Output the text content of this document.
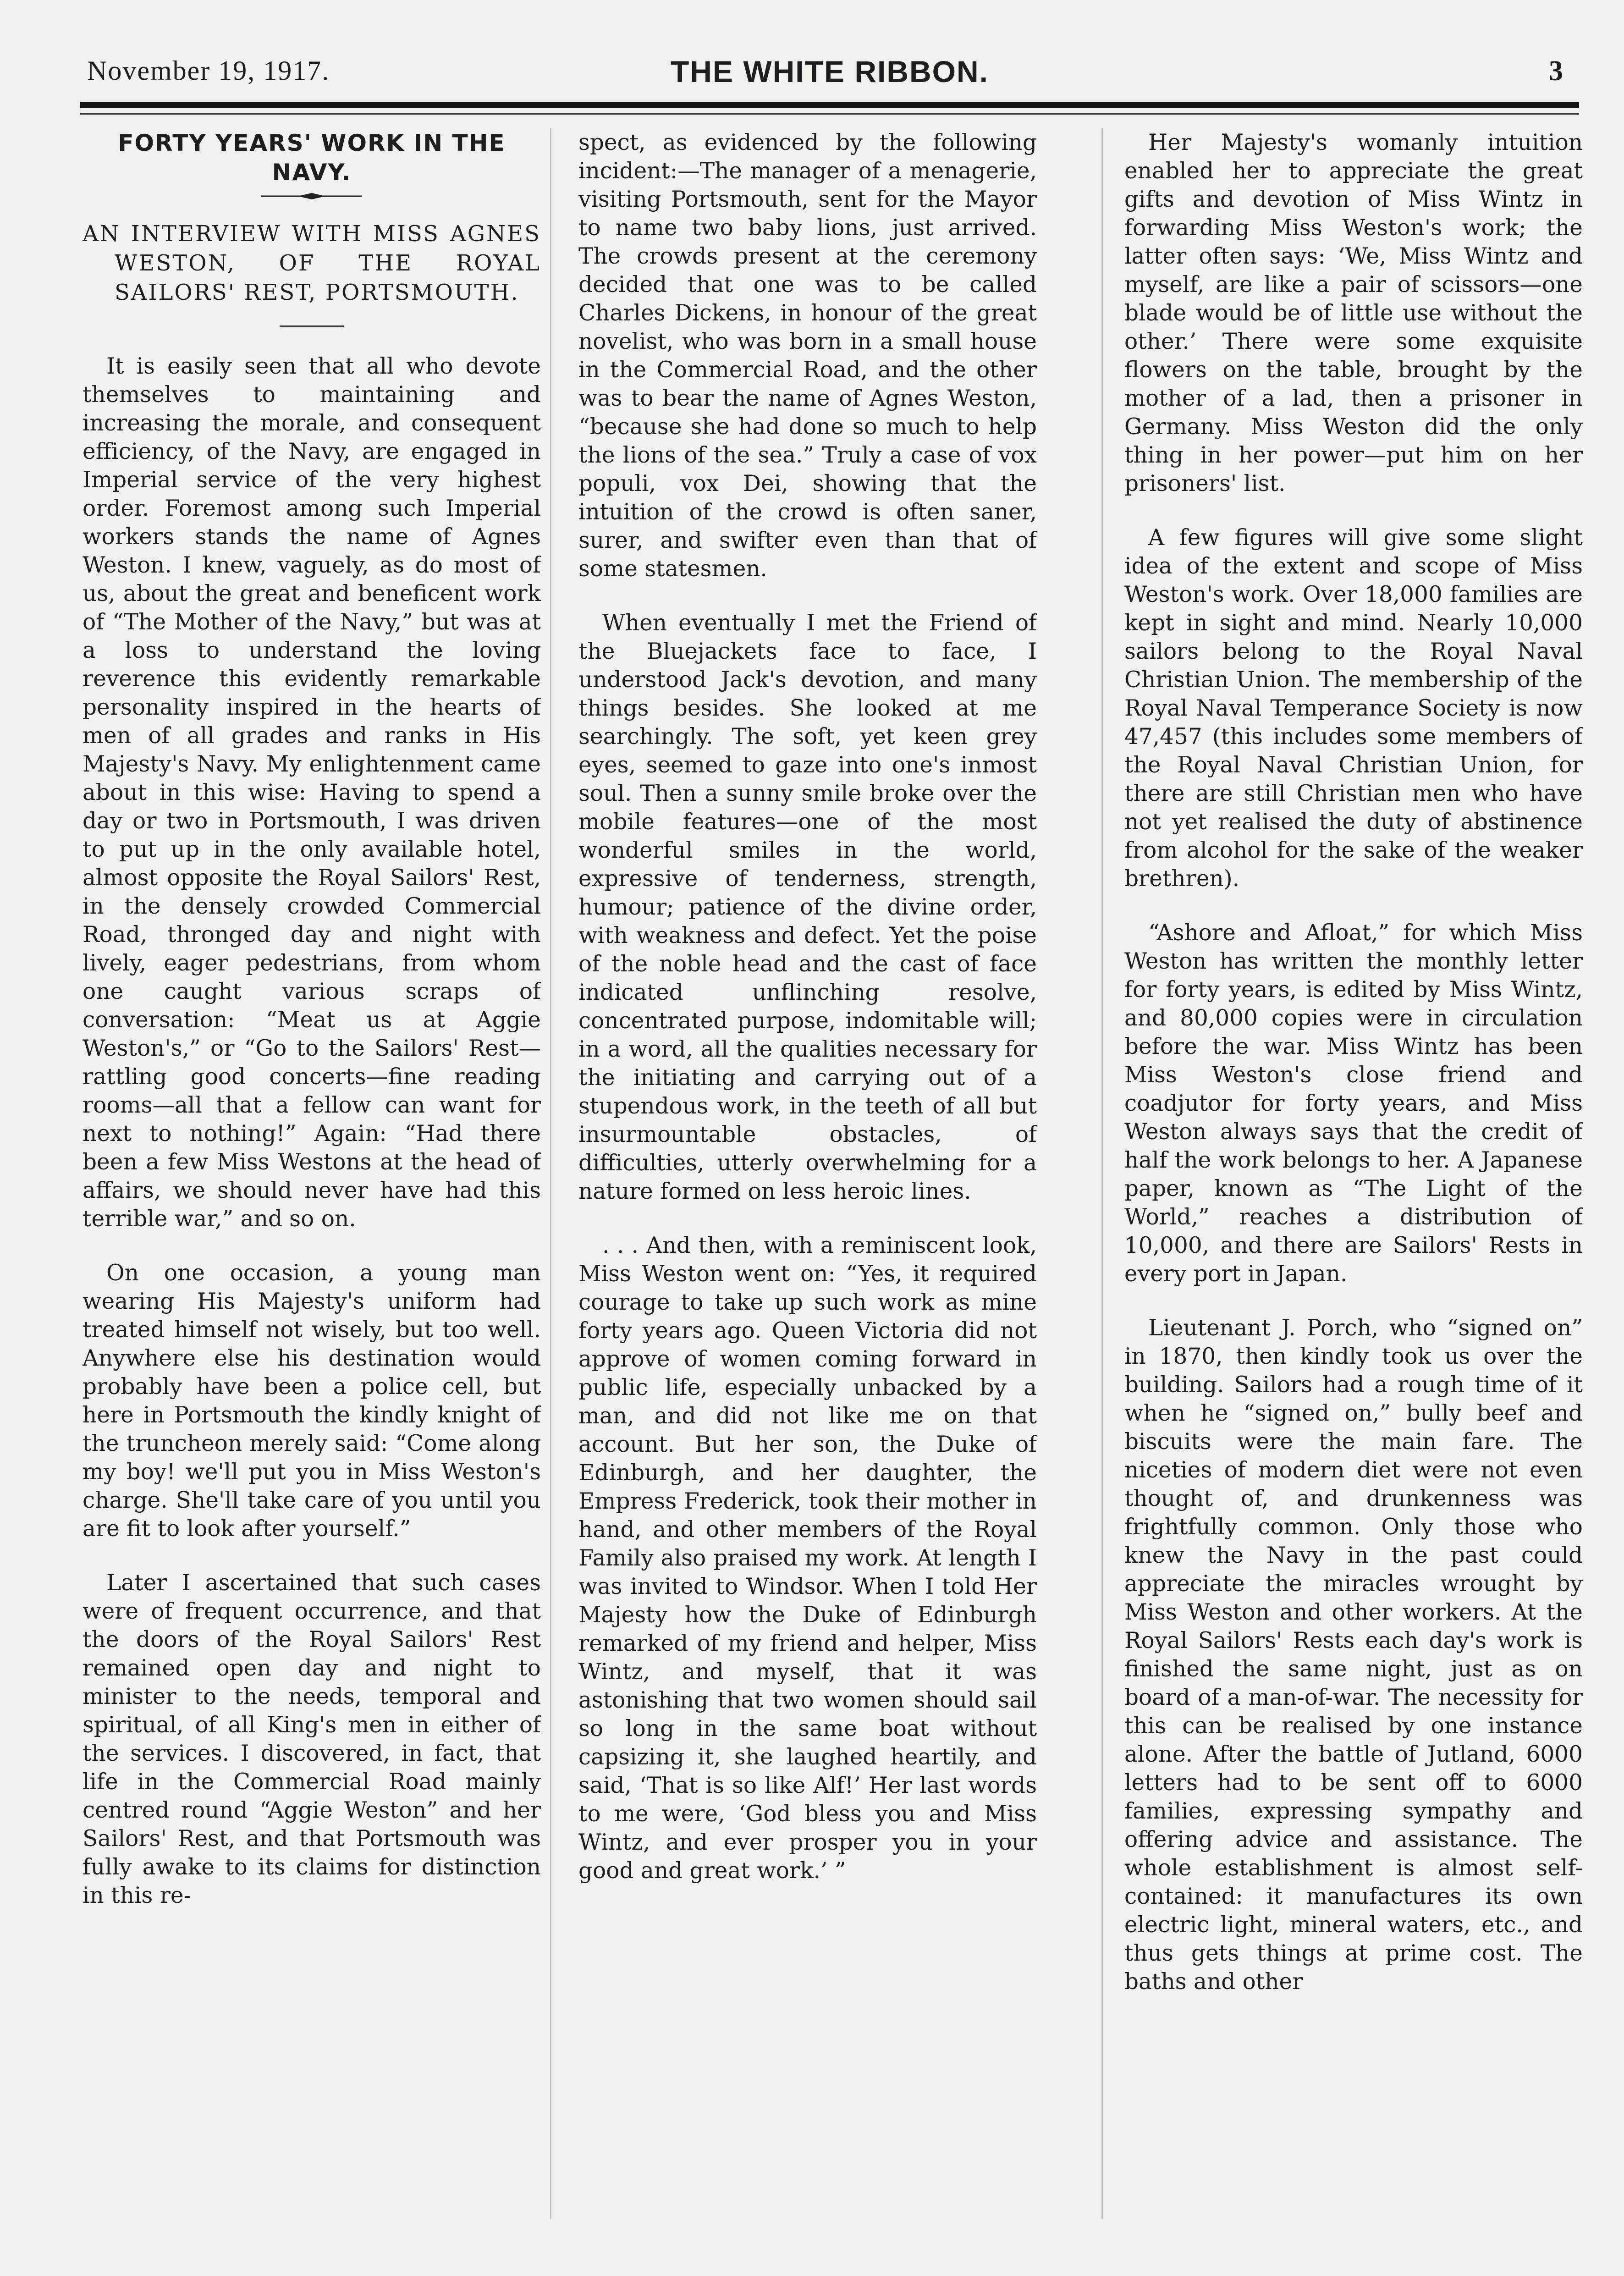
November 19, 1917.	THE WHITE RIBBON.	3
FORTY YEARS' WORK IN THE NAVY.
AN INTERVIEW WITH MISS AGNES WESTON, OF THE ROYAL SAILORS' REST, PORTSMOUTH.

It is easily seen that all who devote themselves to maintaining and increasing the morale, and consequent efficiency, of the Navy, are engaged in Imperial service of the very highest order. Foremost among such Imperial workers stands the name of Agnes Weston. I knew, vaguely, as do most of us, about the great and beneficent work of “The Mother of the Navy,” but was at a loss to understand the loving reverence this evidently remarkable personality inspired in the hearts of men of all grades and ranks in His Majesty's Navy. My enlightenment came about in this wise: Having to spend a day or two in Portsmouth, I was driven to put up in the only available hotel, almost opposite the Royal Sailors' Rest, in the densely crowded Commercial Road, thronged day and night with lively, eager pedestrians, from whom one caught various scraps of conversation: “Meat us at Aggie Weston's,” or “Go to the Sailors' Rest—rattling good concerts—fine reading rooms—all that a fellow can want for next to nothing!” Again: “Had there been a few Miss Westons at the head of affairs, we should never have had this terrible war,” and so on.

On one occasion, a young man wearing His Majesty's uniform had treated himself not wisely, but too well. Anywhere else his destination would probably have been a police cell, but here in Portsmouth the kindly knight of the truncheon merely said: “Come along my boy! we'll put you in Miss Weston's charge. She'll take care of you until you are fit to look after yourself.”

Later I ascertained that such cases were of frequent occurrence, and that the doors of the Royal Sailors' Rest remained open day and night to minister to the needs, temporal and spiritual, of all King's men in either of the services. I discovered, in fact, that life in the Commercial Road mainly centred round “Aggie Weston” and her Sailors' Rest, and that Portsmouth was fully awake to its claims for distinction in this re-

spect, as evidenced by the following incident:—The manager of a menagerie, visiting Portsmouth, sent for the Mayor to name two baby lions, just arrived. The crowds present at the ceremony decided that one was to be called Charles Dickens, in honour of the great novelist, who was born in a small house in the Commercial Road, and the other was to bear the name of Agnes Weston, “because she had done so much to help the lions of the sea.” Truly a case of vox populi, vox Dei, showing that the intuition of the crowd is often saner, surer, and swifter even than that of some statesmen.

When eventually I met the Friend of the Bluejackets face to face, I understood Jack's devotion, and many things besides. She looked at me searchingly. The soft, yet keen grey eyes, seemed to gaze into one's inmost soul. Then a sunny smile broke over the mobile features—one of the most wonderful smiles in the world, expressive of tenderness, strength, humour; patience of the divine order, with weakness and defect. Yet the poise of the noble head and the cast of face indicated unflinching resolve, concentrated purpose, indomitable will; in a word, all the qualities necessary for the initiating and carrying out of a stupendous work, in the teeth of all but insurmountable obstacles, of difficulties, utterly overwhelming for a nature formed on less heroic lines.

. . . And then, with a reminiscent look, Miss Weston went on: “Yes, it required courage to take up such work as mine forty years ago. Queen Victoria did not approve of women coming forward in public life, especially unbacked by a man, and did not like me on that account. But her son, the Duke of Edinburgh, and her daughter, the Empress Frederick, took their mother in hand, and other members of the Royal Family also praised my work. At length I was invited to Windsor. When I told Her Majesty how the Duke of Edinburgh remarked of my friend and helper, Miss Wintz, and myself, that it was astonishing that two women should sail so long in the same boat without capsizing it, she laughed heartily, and said, ‘That is so like Alf!’ Her last words to me were, ‘God bless you and Miss Wintz, and ever prosper you in your good and great work.’ ”

Her Majesty's womanly intuition enabled her to appreciate the great gifts and devotion of Miss Wintz in forwarding Miss Weston's work; the latter often says: ‘We, Miss Wintz and myself, are like a pair of scissors—one blade would be of little use without the other.’ There were some exquisite flowers on the table, brought by the mother of a lad, then a prisoner in Germany. Miss Weston did the only thing in her power—put him on her prisoners' list.

A few figures will give some slight idea of the extent and scope of Miss Weston's work. Over 18,000 families are kept in sight and mind. Nearly 10,000 sailors belong to the Royal Naval Christian Union. The membership of the Royal Naval Temperance Society is now 47,457 (this includes some members of the Royal Naval Christian Union, for there are still Christian men who have not yet realised the duty of abstinence from alcohol for the sake of the weaker brethren).

“Ashore and Afloat,” for which Miss Weston has written the monthly letter for forty years, is edited by Miss Wintz, and 80,000 copies were in circulation before the war. Miss Wintz has been Miss Weston's close friend and coadjutor for forty years, and Miss Weston always says that the credit of half the work belongs to her. A Japanese paper, known as “The Light of the World,” reaches a distribution of 10,000, and there are Sailors' Rests in every port in Japan.

Lieutenant J. Porch, who “signed on” in 1870, then kindly took us over the building. Sailors had a rough time of it when he “signed on,” bully beef and biscuits were the main fare. The niceties of modern diet were not even thought of, and drunkenness was frightfully common. Only those who knew the Navy in the past could appreciate the miracles wrought by Miss Weston and other workers. At the Royal Sailors' Rests each day's work is finished the same night, just as on board of a man-of-war. The necessity for this can be realised by one instance alone. After the battle of Jutland, 6000 letters had to be sent off to 6000 families, expressing sympathy and offering advice and assistance. The whole establishment is almost self-contained: it manufactures its own electric light, mineral waters, etc., and thus gets things at prime cost. The baths and other
